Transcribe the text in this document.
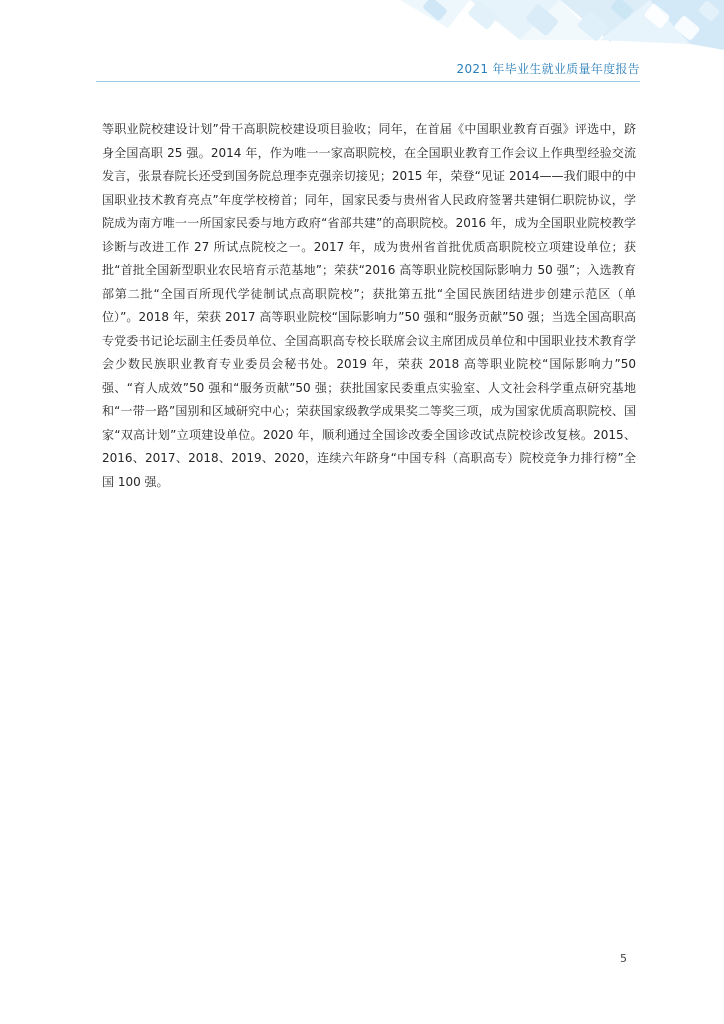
2021 年毕业生就业质量年度报告

等职业院校建设计划”骨干高职院校建设项目验收；同年，在首届《中国职业教育百强》评选中，跻身全国高职 25 强。2014 年，作为唯一一家高职院校，在全国职业教育工作会议上作典型经验交流发言，张景春院长还受到国务院总理李克强亲切接见；2015 年，荣登“见证 2014——我们眼中的中国职业技术教育亮点”年度学校榜首；同年，国家民委与贵州省人民政府签署共建铜仁职院协议，学院成为南方唯一一所国家民委与地方政府“省部共建”的高职院校。2016 年，成为全国职业院校教学诊断与改进工作 27 所试点院校之一。2017 年，成为贵州省首批优质高职院校立项建设单位；获批“首批全国新型职业农民培育示范基地”；荣获“2016 高等职业院校国际影响力 50 强”；入选教育部第二批“全国百所现代学徒制试点高职院校”；获批第五批“全国民族团结进步创建示范区（单位）”。2018 年，荣获 2017 高等职业院校“国际影响力”50 强和“服务贡献”50 强；当选全国高职高专党委书记论坛副主任委员单位、全国高职高专校长联席会议主席团成员单位和中国职业技术教育学会少数民族职业教育专业委员会秘书处。2019 年，荣获 2018 高等职业院校“国际影响力”50 强、“育人成效”50 强和“服务贡献”50 强；获批国家民委重点实验室、人文社会科学重点研究基地和“一带一路”国别和区域研究中心；荣获国家级教学成果奖二等奖三项，成为国家优质高职院校、国家“双高计划”立项建设单位。2020 年，顺利通过全国诊改委全国诊改试点院校诊改复核。2015、2016、2017、2018、2019、2020，连续六年跻身“中国专科（高职高专）院校竞争力排行榜”全国 100 强。

5
